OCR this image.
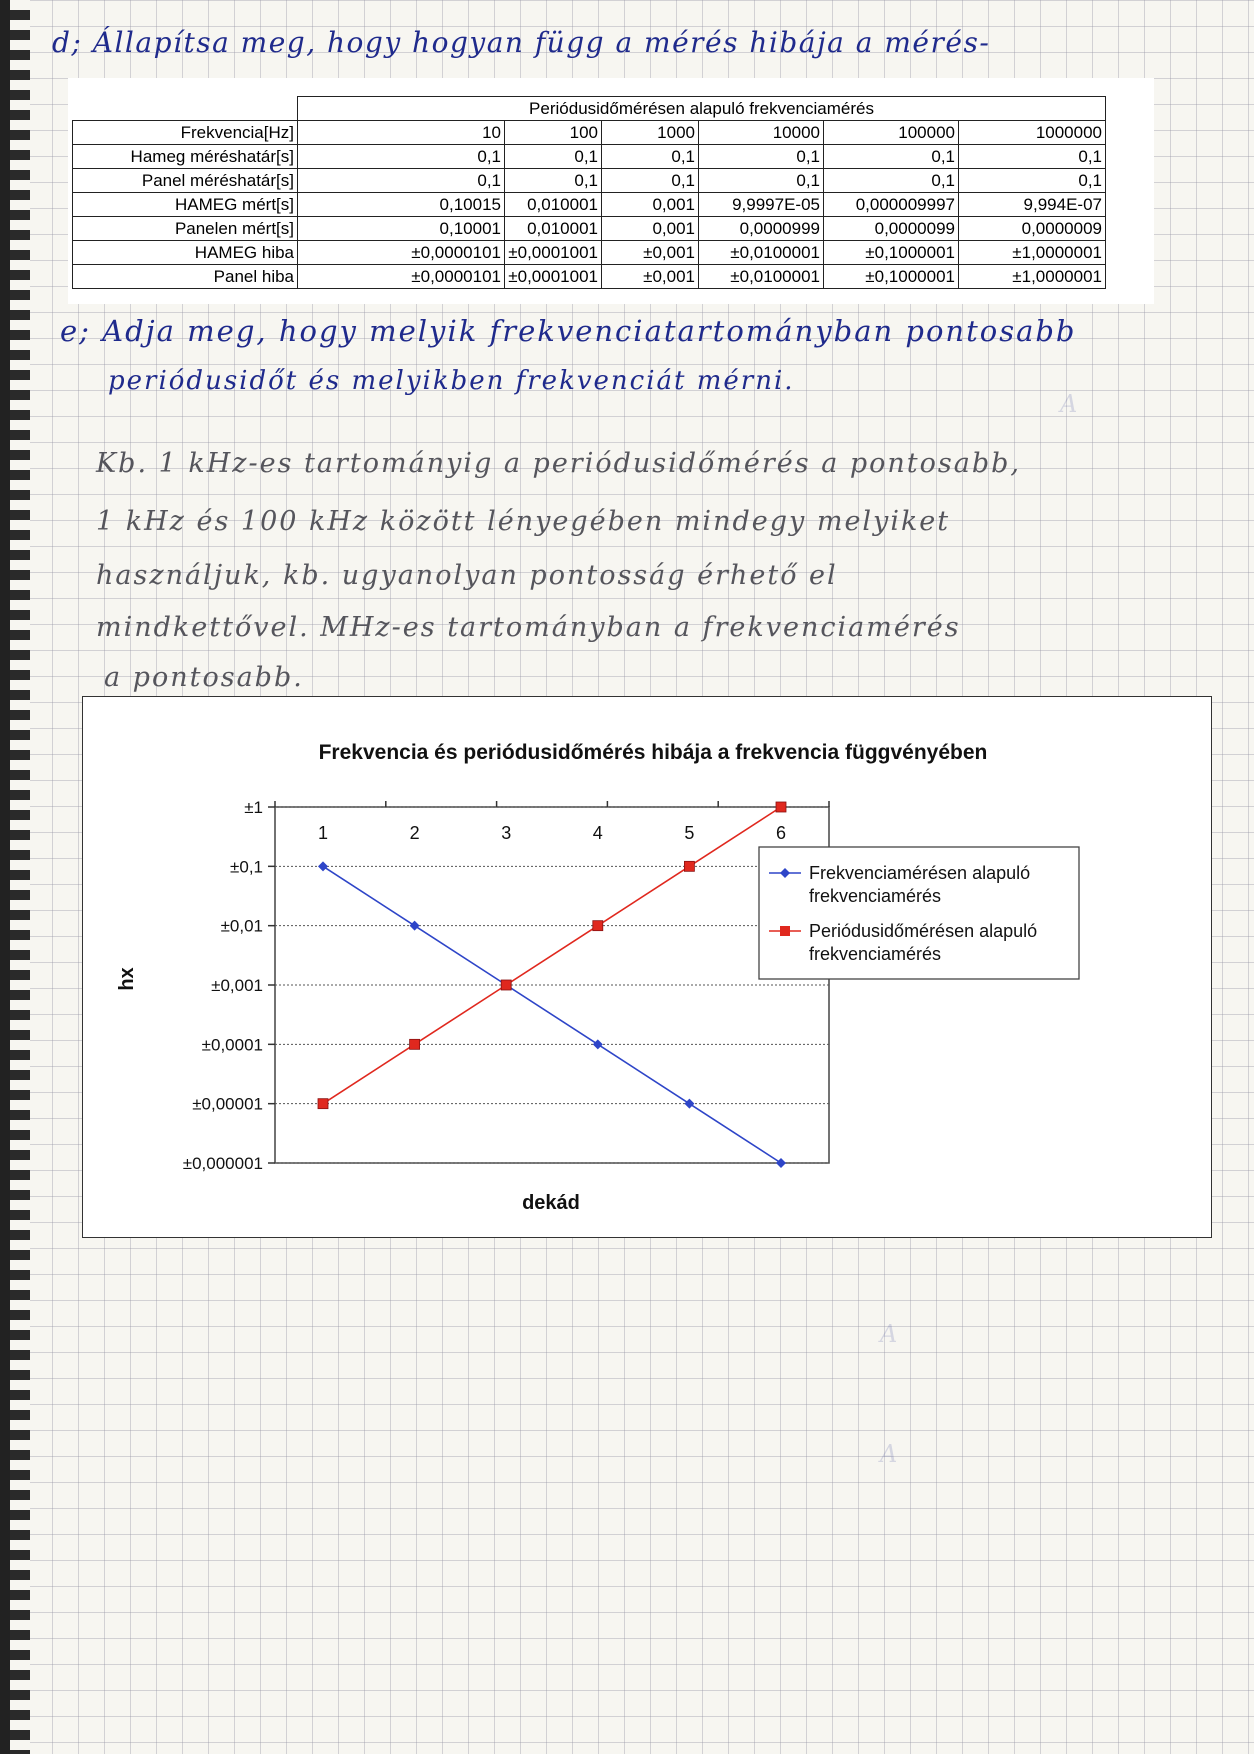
A
A
A
d; Állapítsa meg, hogy hogyan függ a mérés hibája a mérés-
	Periódusidőmérésen alapuló frekvenciamérés					
Frekvencia[Hz]	10	100	1000	10000	100000	1000000
Hameg méréshatár[s]	0,1	0,1	0,1	0,1	0,1	0,1
Panel méréshatár[s]	0,1	0,1	0,1	0,1	0,1	0,1
HAMEG mért[s]	0,10015	0,010001	0,001	9,9997E-05	0,000009997	9,994E-07
Panelen mért[s]	0,10001	0,010001	0,001	0,0000999	0,0000099	0,0000009
HAMEG hiba	±0,0000101	±0,0001001	±0,001	±0,0100001	±0,1000001	±1,0000001
Panel hiba	±0,0000101	±0,0001001	±0,001	±0,0100001	±0,1000001	±1,0000001
e; Adja meg, hogy melyik frekvenciatartományban pontosabb
periódusidőt és melyikben frekvenciát mérni.
Kb. 1 kHz-es tartományig a periódusidőmérés a pontosabb,
1 kHz és 100 kHz között lényegében mindegy melyiket
használjuk, kb. ugyanolyan pontosság érhető el
mindkettővel. MHz-es tartományban a frekvenciamérés
a pontosabb.
Frekvencia és periódusidőmérés hibája a frekvencia függvényében
hx
dekád
±1
±0,1
±0,01
±0,001
±0,0001
±0,00001
±0,000001
1	2	3	4	5	6
Frekvenciamérésen alapuló frekvenciamérés
Periódusidőmérésen alapuló frekvenciamérés
